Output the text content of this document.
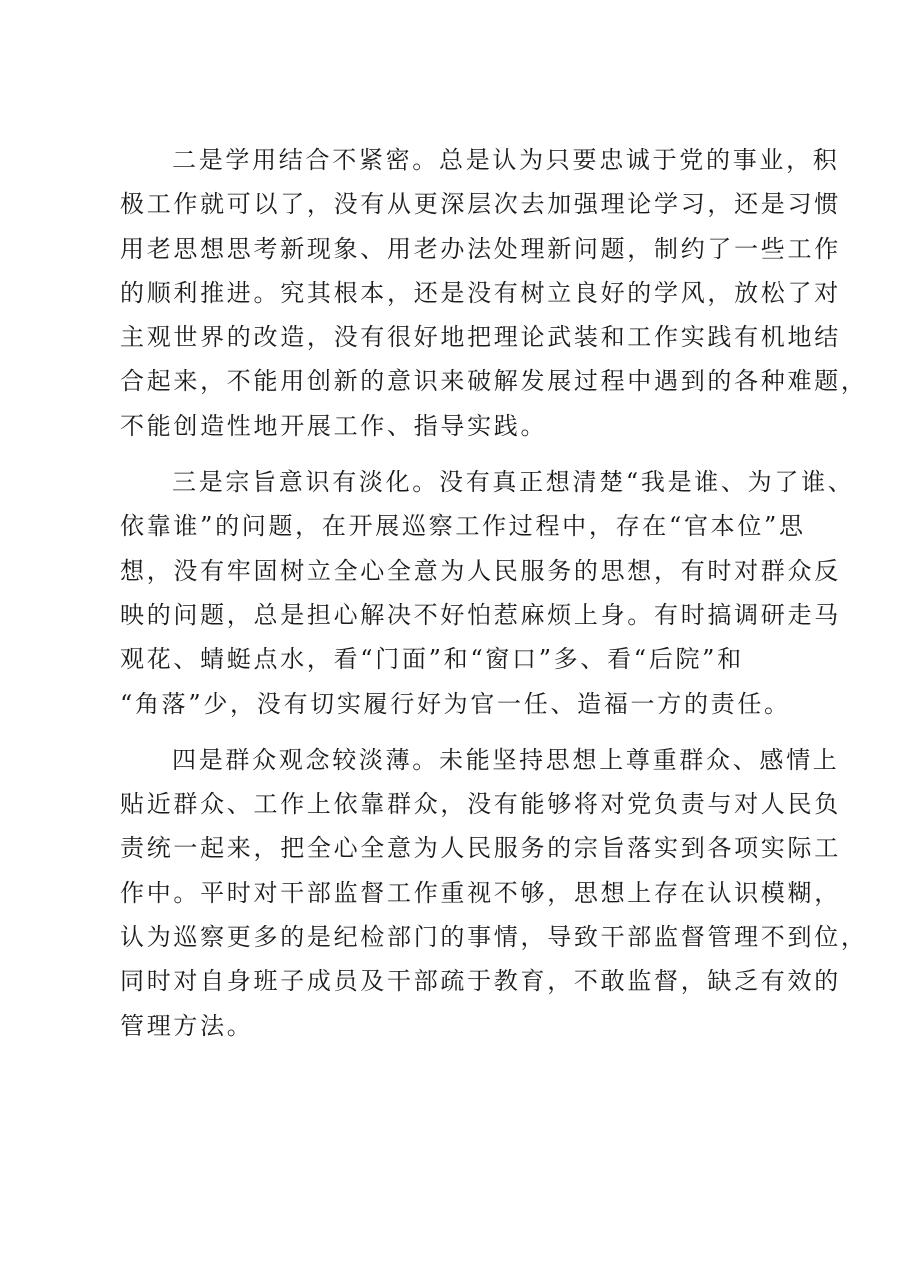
二是学用结合不紧密。总是认为只要忠诚于党的事业，积
极工作就可以了，没有从更深层次去加强理论学习，还是习惯
用老思想思考新现象、用老办法处理新问题，制约了一些工作
的顺利推进。究其根本，还是没有树立良好的学风，放松了对
主观世界的改造，没有很好地把理论武装和工作实践有机地结
合起来，不能用创新的意识来破解发展过程中遇到的各种难题，
不能创造性地开展工作、指导实践。
三是宗旨意识有淡化。没有真正想清楚“我是谁、为了谁、
依靠谁”的问题，在开展巡察工作过程中，存在“官本位”思
想，没有牢固树立全心全意为人民服务的思想，有时对群众反
映的问题，总是担心解决不好怕惹麻烦上身。有时搞调研走马
观花、蜻蜓点水，看“门面”和“窗口”多、看“后院”和
“角落”少，没有切实履行好为官一任、造福一方的责任。
四是群众观念较淡薄。未能坚持思想上尊重群众、感情上
贴近群众、工作上依靠群众，没有能够将对党负责与对人民负
责统一起来，把全心全意为人民服务的宗旨落实到各项实际工
作中。平时对干部监督工作重视不够，思想上存在认识模糊，
认为巡察更多的是纪检部门的事情，导致干部监督管理不到位，
同时对自身班子成员及干部疏于教育，不敢监督，缺乏有效的
管理方法。
